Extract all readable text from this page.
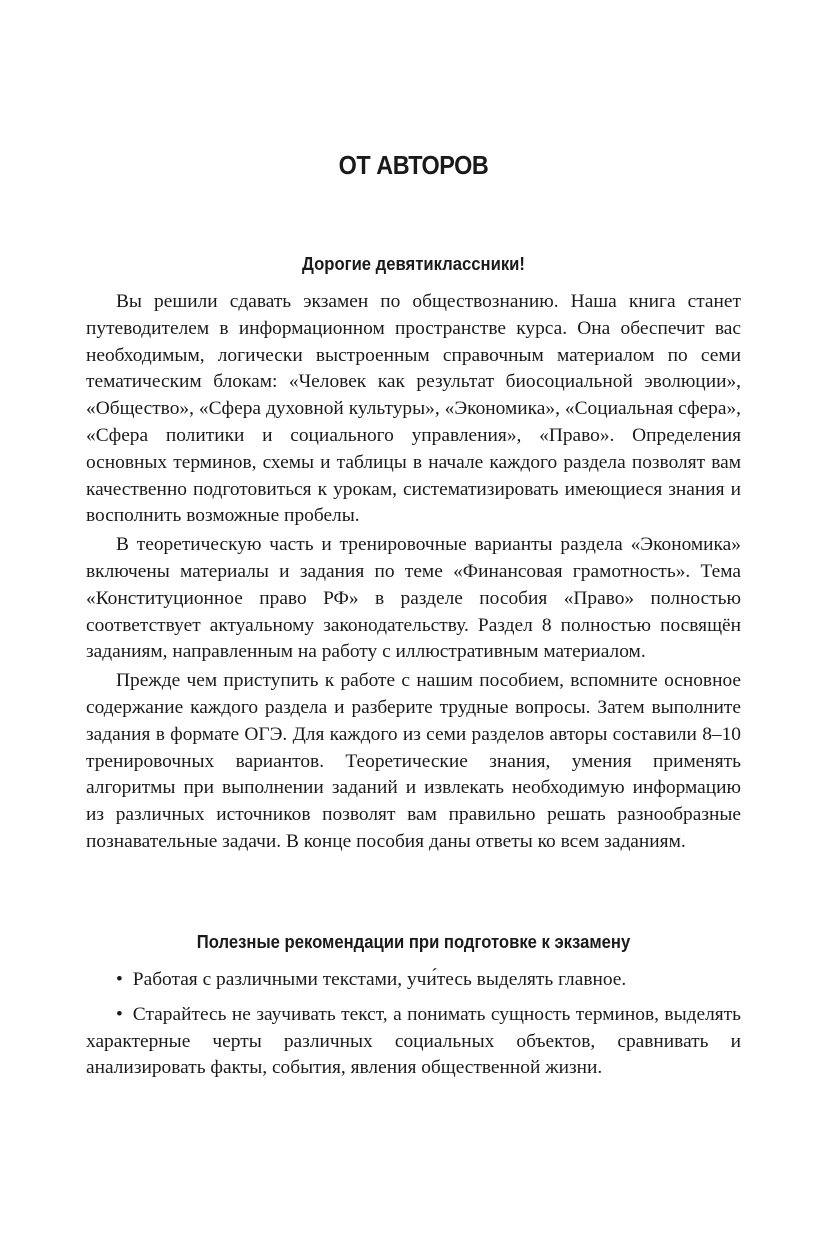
ОТ АВТОРОВ
Дорогие девятиклассники!

Вы решили сдавать экзамен по обществознанию. Наша книга станет путеводителем в информационном пространстве курса. Она обеспечит вас необходимым, логически выстроенным справочным материалом по семи тематическим блокам: «Человек как результат биосоциальной эволюции», «Общество», «Сфера духовной культуры», «Экономика», «Социальная сфера», «Сфера политики и социального управления», «Право». Определения основных терминов, схемы и таблицы в начале каждого раздела позволят вам качественно подготовиться к урокам, систематизировать имеющиеся знания и восполнить возможные пробелы.

В теоретическую часть и тренировочные варианты раздела «Экономика» включены материалы и задания по теме «Финансовая грамотность». Тема «Конституционное право РФ» в разделе пособия «Право» полностью соответствует актуальному законодательству. Раздел 8 полностью посвящён заданиям, направленным на работу с иллюстративным материалом.

Прежде чем приступить к работе с нашим пособием, вспомните основное содержание каждого раздела и разберите трудные вопросы. Затем выполните задания в формате ОГЭ. Для каждого из семи разделов авторы составили 8–10 тренировочных вариантов. Теоретические знания, умения применять алгоритмы при выполнении заданий и извлекать необходимую информацию из различных источников позволят вам правильно решать разнообразные познавательные задачи. В конце пособия даны ответы ко всем заданиям.

Полезные рекомендации при подготовке к экзамену
• Работая с различными текстами, учи́тесь выделять главное.
• Старайтесь не заучивать текст, а понимать сущность терминов, выделять характерные черты различных социальных объектов, сравнивать и анализировать факты, события, явления общественной жизни.
